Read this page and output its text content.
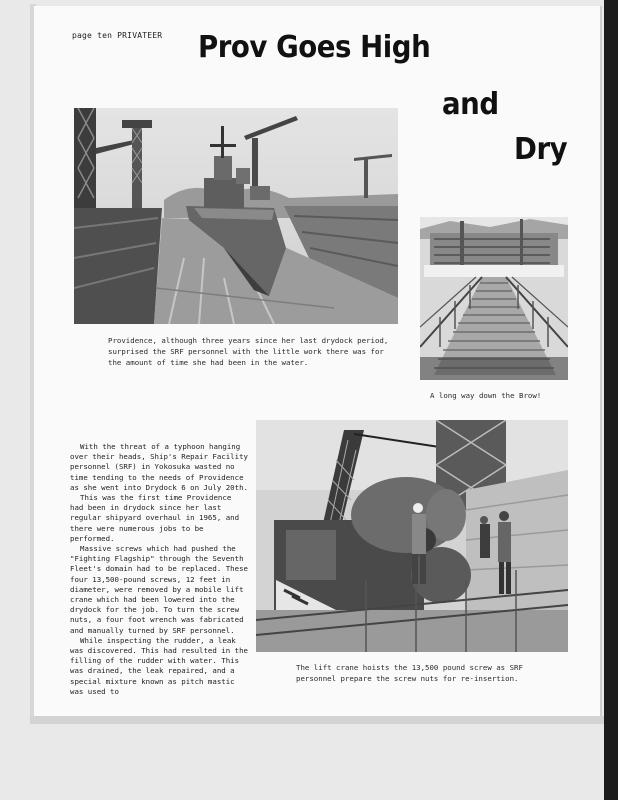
page ten PRIVATEER Prov Goes High
and
Dry
Providence, although three years since her last drydock period,
surprised the SRF personnel with the little work there was for
the amount of time she had been in the water.
A long way down the Brow!
The lift crane hoists the 13,500 pound screw as SRF
personnel prepare the screw nuts for re-insertion.

With the threat of a typhoon hanging over their heads, Ship's Repair Facility personnel (SRF) in Yokosuka wasted no time tending to the needs of Providence as she went into Drydock 6 on July 20th.

This was the first time Providence had been in drydock since her last regular shipyard overhaul in 1965, and there were numerous jobs to be performed.

Massive screws which had pushed the "Fighting Flagship" through the Seventh Fleet's domain had to be replaced. These four 13,500-pound screws, 12 feet in diameter, were removed by a mobile lift crane which had been lowered into the drydock for the job. To turn the screw nuts, a four foot wrench was fabricated and manually turned by SRF personnel.

While inspecting the rudder, a leak was discovered. This had resulted in the filling of the rudder with water. This was drained, the leak repaired, and a special mixture known as pitch mastic was used to
